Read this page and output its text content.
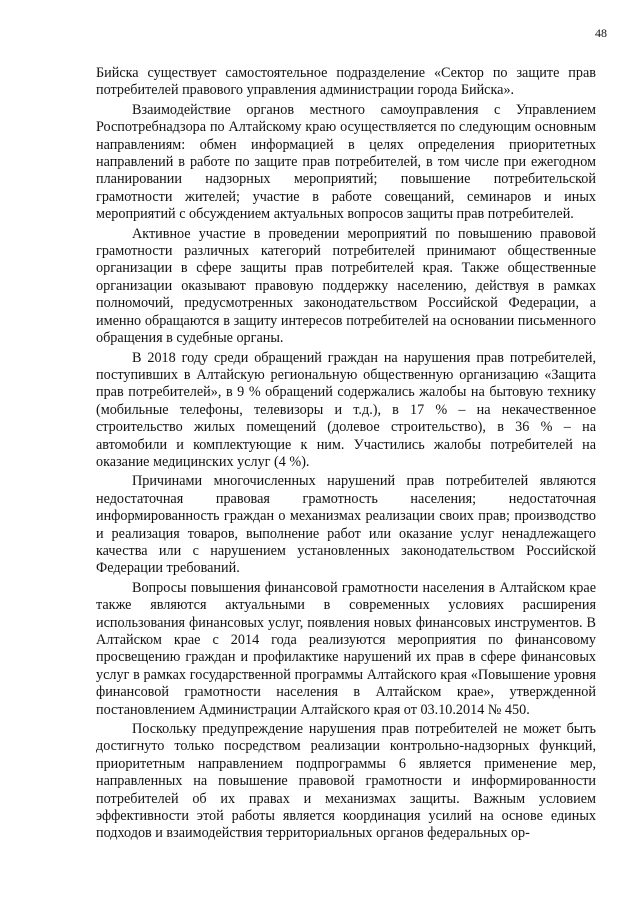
48

Бийска существует самостоятельное подразделение «Сектор по защите прав потребителей правового управления администрации города Бийска».

Взаимодействие органов местного самоуправления с Управлением Роспотребнадзора по Алтайскому краю осуществляется по следующим основным направлениям: обмен информацией в целях определения приоритетных направлений в работе по защите прав потребителей, в том числе при ежегодном планировании надзорных мероприятий; повышение потребительской грамотности жителей; участие в работе совещаний, семинаров и иных мероприятий с обсуждением актуальных вопросов защиты прав потребителей.

Активное участие в проведении мероприятий по повышению правовой грамотности различных категорий потребителей принимают общественные организации в сфере защиты прав потребителей края. Также общественные организации оказывают правовую поддержку населению, действуя в рамках полномочий, предусмотренных законодательством Российской Федерации, а именно обращаются в защиту интересов потребителей на основании письменного обращения в судебные органы.

В 2018 году среди обращений граждан на нарушения прав потребителей, поступивших в Алтайскую региональную общественную организацию «Защита прав потребителей», в 9 % обращений содержались жалобы на бытовую технику (мобильные телефоны, телевизоры и т.д.), в 17 % – на некачественное строительство жилых помещений (долевое строительство), в 36 % – на автомобили и комплектующие к ним. Участились жалобы потребителей на оказание медицинских услуг (4 %).

Причинами многочисленных нарушений прав потребителей являются недостаточная правовая грамотность населения; недостаточная информированность граждан о механизмах реализации своих прав; производство и реализация товаров, выполнение работ или оказание услуг ненадлежащего качества или с нарушением установленных законодательством Российской Федерации требований.

Вопросы повышения финансовой грамотности населения в Алтайском крае также являются актуальными в современных условиях расширения использования финансовых услуг, появления новых финансовых инструментов. В Алтайском крае с 2014 года реализуются мероприятия по финансовому просвещению граждан и профилактике нарушений их прав в сфере финансовых услуг в рамках государственной программы Алтайского края «Повышение уровня финансовой грамотности населения в Алтайском крае», утвержденной постановлением Администрации Алтайского края от 03.10.2014 № 450.

Поскольку предупреждение нарушения прав потребителей не может быть достигнуто только посредством реализации контрольно-надзорных функций, приоритетным направлением подпрограммы 6 является применение мер, направленных на повышение правовой грамотности и информированности потребителей об их правах и механизмах защиты. Важным условием эффективности этой работы является координация усилий на основе единых подходов и взаимодействия территориальных органов федеральных ор-
